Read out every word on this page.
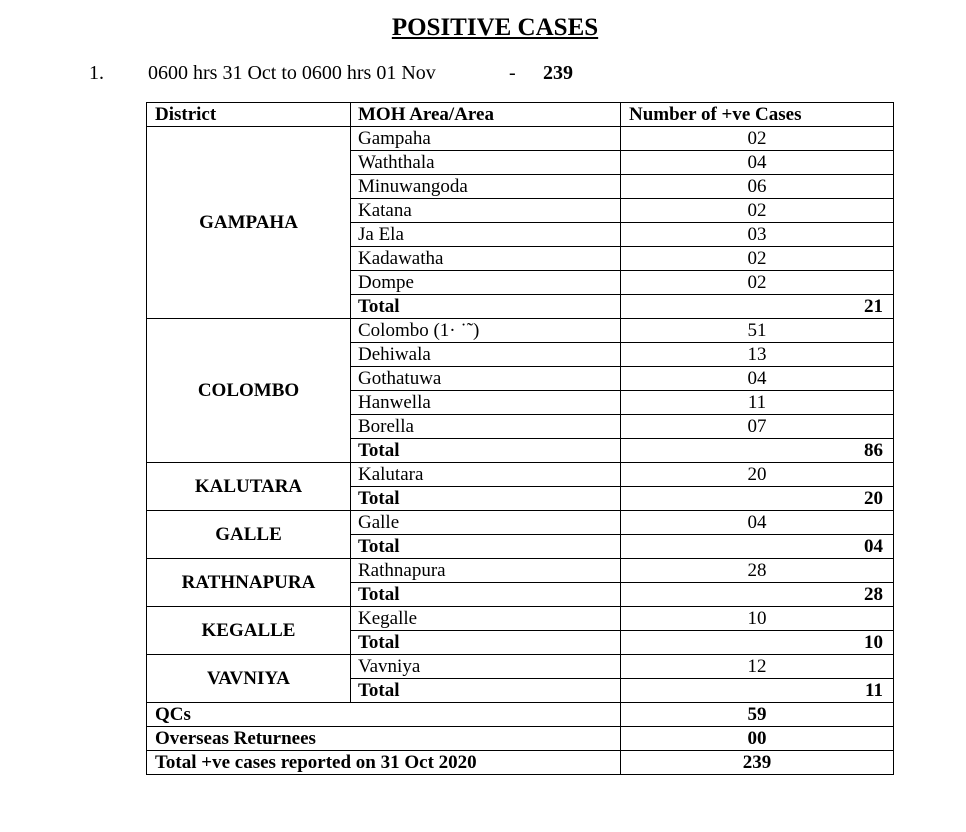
POSITIVE CASES
1. 0600 hrs 31 Oct to 0600 hrs 01 Nov	- 239
District	MOH Area/Area	Number of +ve Cases
GAMPAHA	Gampaha	02
	Waththala	04
	Minuwangoda	06
	Katana	02
	Ja Ela	03
	Kadawatha	02
	Dompe	02
	Total	21
COLOMBO	Colombo (1· ˙˜)	51
	Dehiwala	13
	Gothatuwa	04
	Hanwella	11
	Borella	07
	Total	86
KALUTARA	Kalutara	20
	Total	20
GALLE	Galle	04
	Total	04
RATHNAPURA	Rathnapura	28
	Total	28
KEGALLE	Kegalle	10
	Total	10
VAVNIYA	Vavniya	12
	Total	11
QCs		59
Overseas Returnees		00
Total +ve cases reported on 31 Oct 2020		239
